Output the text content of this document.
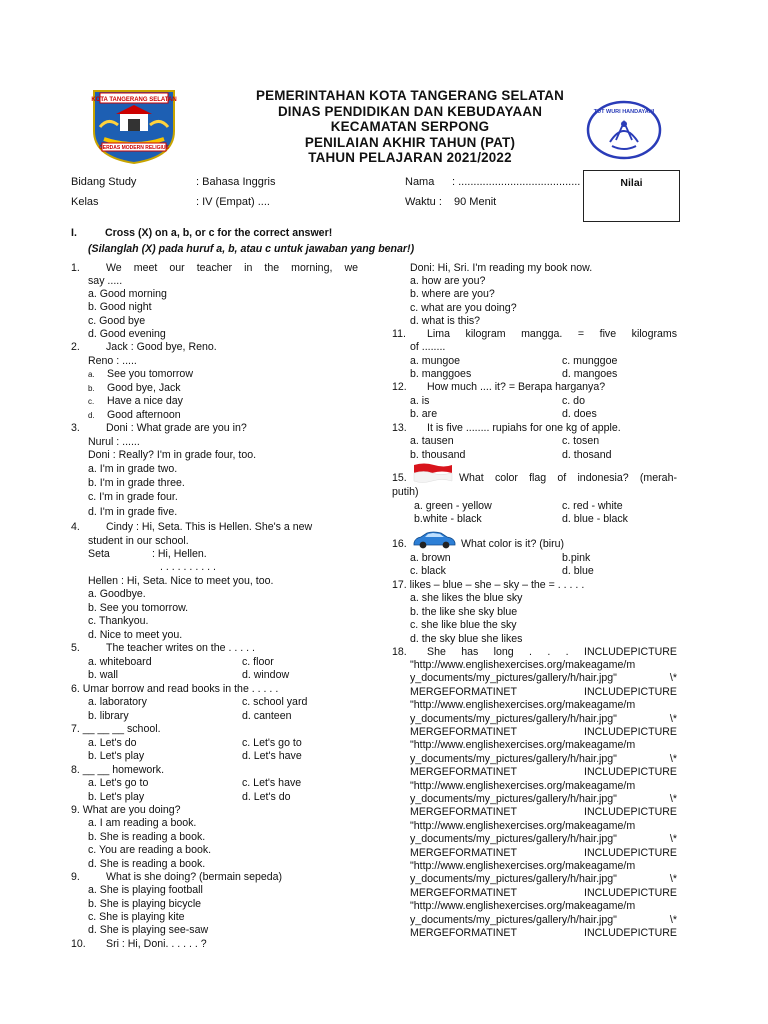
KOTA TANGERANG SELATAN
CERDAS MODERN RELIGIUS
TUT WURI HANDAYANI
PEMERINTAHAN KOTA TANGERANG SELATAN
DINAS PENDIDIKAN DAN KEBUDAYAAN
KECAMATAN SERPONG
PENILAIAN AKHIR TAHUN (PAT)
TAHUN PELAJARAN 2021/2022
Bidang Study	: Bahasa Inggris
Kelas	: IV (Empat) ....
Nama : ........................................
Waktu : 90 Menit
Nilai
I.	Cross (X) on a, b, or c for the correct answer!
(Silanglah (X) pada huruf a, b, atau c untuk jawaban yang benar!)
1. We meet our teacher in the morning, we
say .....
a. Good morning
b. Good night
c. Good bye
d. Good evening
2. Jack : Good bye, Reno.
Reno : .....
a. See you tomorrow
b. Good bye, Jack
c. Have a nice day
d. Good afternoon
3. Doni : What grade are you in?
Nurul : ......
Doni : Really? I'm in grade four, too.
a. I'm in grade two.
b. I'm in grade three.
c. I'm in grade four.
d. I'm in grade five.
4. Cindy : Hi, Seta. This is Hellen. She's a new
student in our school.
Seta	: Hi, Hellen.
. . . . . . . . . .
Hellen : Hi, Seta. Nice to meet you, too.
a. Goodbye.
b. See you tomorrow.
c. Thankyou.
d. Nice to meet you.
5. The teacher writes on the . . . . .
a. whiteboard	c. floor
b. wall	d. window
6. Umar borrow and read books in the . . . . .
a. laboratory	c. school yard
b. library	d. canteen
7. __ __ __ school.
a. Let's do	c. Let's go to
b. Let's play	d. Let's have
8. __ __ homework.
a. Let's go to	c. Let's have
b. Let's play	d. Let's do
9. What are you doing?
a. I am reading a book.
b. She is reading a book.
c. You are reading a book.
d. She is reading a book.
9. What is she doing? (bermain sepeda)
a. She is playing football
b. She is playing bicycle
c. She is playing kite
d. She is playing see-saw
10. Sri : Hi, Doni. . . . . . ?
Doni: Hi, Sri. I'm reading my book now.
a. how are you?
b. where are you?
c. what are you doing?
d. what is this?
11. Lima kilogram mangga. = five kilograms
of ........
a. mungoe	c. munggoe
b. manggoes	d. mangoes
12. How much .... it? = Berapa harganya?
a. is	c. do
b. are	d. does
13. It is five ........ rupiahs for one kg of apple.
a. tausen	c. tosen
b. thousand	d. thosand
15.	What color flag of indonesia? (merah-
putih)
a. green - yellow	c. red - white
b.white - black	d. blue - black
16.	What color is it? (biru)
a. brown	b.pink
c. black	d. blue
17. likes – blue – she – sky – the = . . . . .
a. she likes the blue sky
b. the like she sky blue
c. she like blue the sky
d. the sky blue she likes
18. She has long . . . INCLUDEPICTURE
"http://www.englishexercises.org/makeagame/m
y_documents/my_pictures/gallery/h/hair.jpg" \*
MERGEFORMATINET INCLUDEPICTURE
"http://www.englishexercises.org/makeagame/m
y_documents/my_pictures/gallery/h/hair.jpg" \*
MERGEFORMATINET INCLUDEPICTURE
"http://www.englishexercises.org/makeagame/m
y_documents/my_pictures/gallery/h/hair.jpg" \*
MERGEFORMATINET INCLUDEPICTURE
"http://www.englishexercises.org/makeagame/m
y_documents/my_pictures/gallery/h/hair.jpg" \*
MERGEFORMATINET INCLUDEPICTURE
"http://www.englishexercises.org/makeagame/m
y_documents/my_pictures/gallery/h/hair.jpg" \*
MERGEFORMATINET INCLUDEPICTURE
"http://www.englishexercises.org/makeagame/m
y_documents/my_pictures/gallery/h/hair.jpg" \*
MERGEFORMATINET INCLUDEPICTURE
"http://www.englishexercises.org/makeagame/m
y_documents/my_pictures/gallery/h/hair.jpg" \*
MERGEFORMATINET INCLUDEPICTURE
